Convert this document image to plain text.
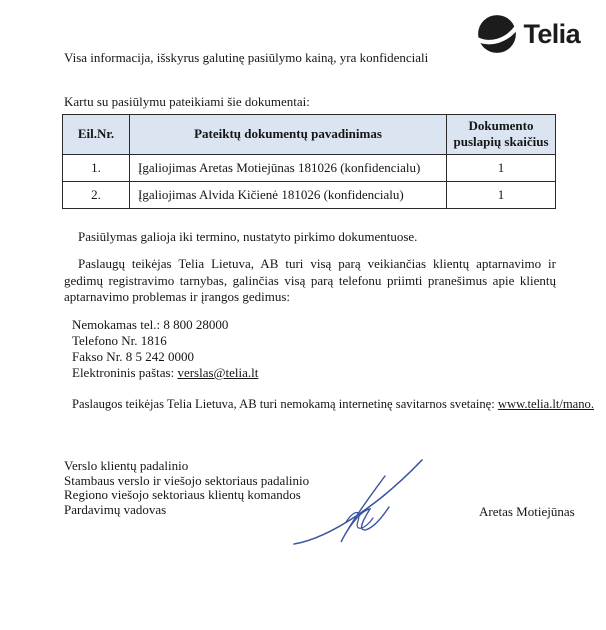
Telia
Visa informacija, išskyrus galutinę pasiūlymo kainą, yra konfidenciali
Kartu su pasiūlymu pateikiami šie dokumentai:
Eil.Nr.	Pateiktų dokumentų pavadinimas	Dokumento puslapių skaičius
1.	Įgaliojimas Aretas Motiejūnas 181026 (konfidencialu)	1
2.	Įgaliojimas Alvida Kičienė 181026 (konfidencialu)	1
Pasiūlymas galioja iki termino, nustatyto pirkimo dokumentuose.
Paslaugų teikėjas Telia Lietuva, AB turi visą parą veikiančias klientų aptarnavimo ir gedimų registravimo tarnybas, galinčias visą parą telefonu priimti pranešimus apie klientų aptarnavimo problemas ir įrangos gedimus:
Nemokamas tel.: 8 800 28000
Telefono Nr. 1816
Fakso Nr. 8 5 242 0000
Elektroninis paštas: verslas@telia.lt
Paslaugos teikėjas Telia Lietuva, AB turi nemokamą internetinę savitarnos svetainę: www.telia.lt/mano.
Verslo klientų padalinio
Stambaus verslo ir viešojo sektoriaus padalinio
Regiono viešojo sektoriaus klientų komandos
Pardavimų vadovas	Aretas Motiejūnas
